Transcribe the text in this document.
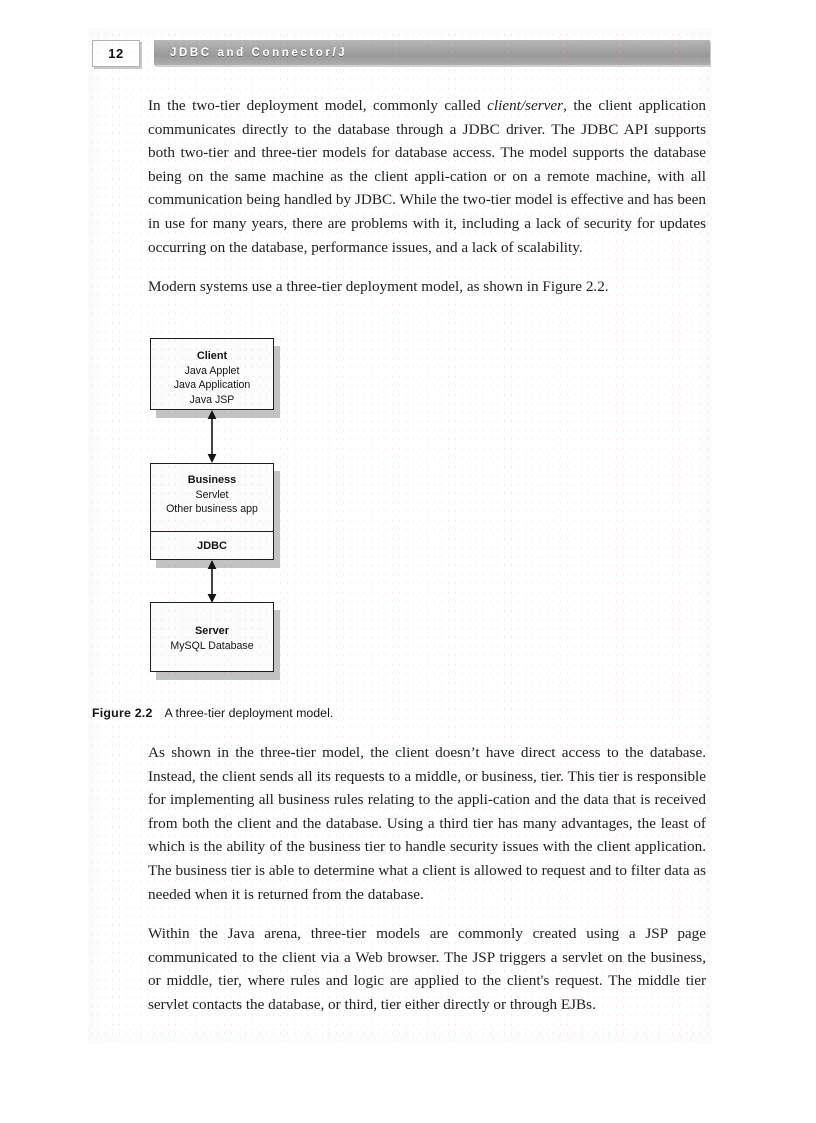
12	JDBC and Connector/J

In the two-tier deployment model, commonly called client/server, the client application communicates directly to the database through a JDBC driver. The JDBC API supports both two-tier and three-tier models for database access. The model supports the database being on the same machine as the client appli-cation or on a remote machine, with all communication being handled by JDBC. While the two-tier model is effective and has been in use for many years, there are problems with it, including a lack of security for updates occurring on the database, performance issues, and a lack of scalability.

Modern systems use a three-tier deployment model, as shown in Figure 2.2.

Client
Java Applet
Java Application
Java JSP
Business
Servlet
Other business app
JDBC
Server
MySQL Database
Figure 2.2 A three-tier deployment model.

As shown in the three-tier model, the client doesn’t have direct access to the database. Instead, the client sends all its requests to a middle, or business, tier. This tier is responsible for implementing all business rules relating to the appli-cation and the data that is received from both the client and the database. Using a third tier has many advantages, the least of which is the ability of the business tier to handle security issues with the client application. The business tier is able to determine what a client is allowed to request and to filter data as needed when it is returned from the database.

Within the Java arena, three-tier models are commonly created using a JSP page communicated to the client via a Web browser. The JSP triggers a servlet on the business, or middle, tier, where rules and logic are applied to the client's request. The middle tier servlet contacts the database, or third, tier either directly or through EJBs.
